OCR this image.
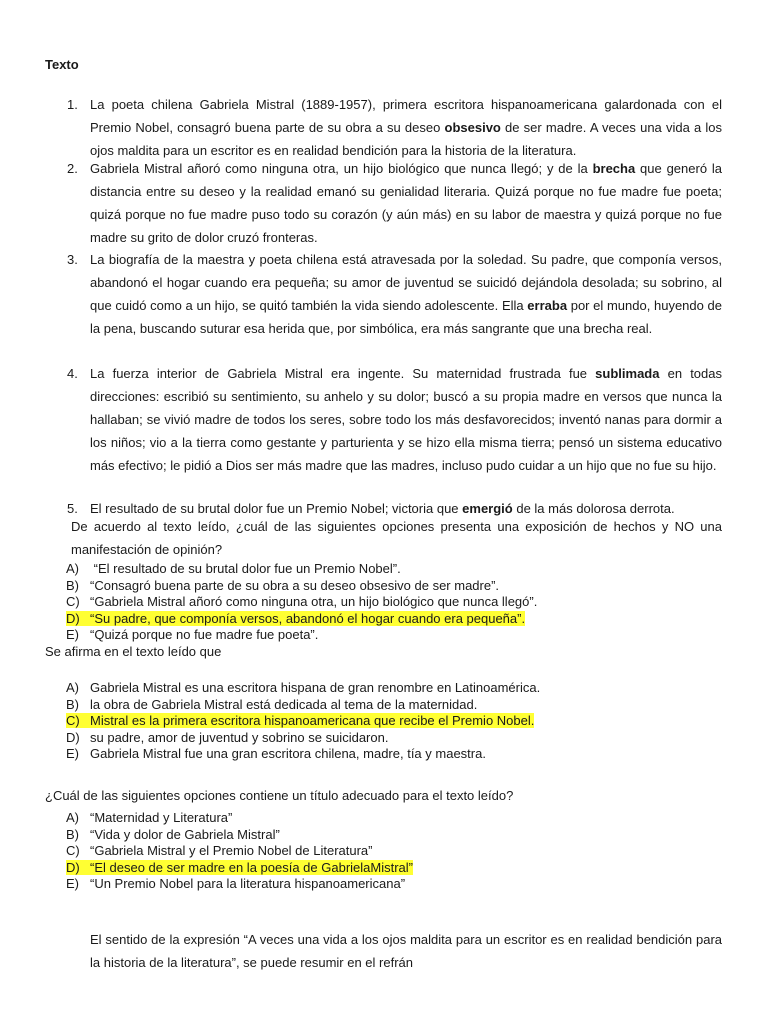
Texto
1. La poeta chilena Gabriela Mistral (1889-1957), primera escritora hispanoamericana galardonada con el Premio Nobel, consagró buena parte de su obra a su deseo obsesivo de ser madre. A veces una vida a los ojos maldita para un escritor es en realidad bendición para la historia de la literatura.
2. Gabriela Mistral añoró como ninguna otra, un hijo biológico que nunca llegó; y de la brecha que generó la distancia entre su deseo y la realidad emanó su genialidad literaria. Quizá porque no fue madre fue poeta; quizá porque no fue madre puso todo su corazón (y aún más) en su labor de maestra y quizá porque no fue madre su grito de dolor cruzó fronteras.
3. La biografía de la maestra y poeta chilena está atravesada por la soledad. Su padre, que componía versos, abandonó el hogar cuando era pequeña; su amor de juventud se suicidó dejándola desolada; su sobrino, al que cuidó como a un hijo, se quitó también la vida siendo adolescente. Ella erraba por el mundo, huyendo de la pena, buscando suturar esa herida que, por simbólica, era más sangrante que una brecha real.
4. La fuerza interior de Gabriela Mistral era ingente. Su maternidad frustrada fue sublimada en todas direcciones: escribió su sentimiento, su anhelo y su dolor; buscó a su propia madre en versos que nunca la hallaban; se vivió madre de todos los seres, sobre todo los más desfavorecidos; inventó nanas para dormir a los niños; vio a la tierra como gestante y parturienta y se hizo ella misma tierra; pensó un sistema educativo más efectivo; le pidió a Dios ser más madre que las madres, incluso pudo cuidar a un hijo que no fue su hijo.
5. El resultado de su brutal dolor fue un Premio Nobel; victoria que emergió de la más dolorosa derrota.
De acuerdo al texto leído, ¿cuál de las siguientes opciones presenta una exposición de hechos y NO una manifestación de opinión?
A) “El resultado de su brutal dolor fue un Premio Nobel”.
B) “Consagró buena parte de su obra a su deseo obsesivo de ser madre”.
C) “Gabriela Mistral añoró como ninguna otra, un hijo biológico que nunca llegó”.
D) “Su padre, que componía versos, abandonó el hogar cuando era pequeña”.
E) “Quizá porque no fue madre fue poeta”.
Se afirma en el texto leído que
A) Gabriela Mistral es una escritora hispana de gran renombre en Latinoamérica.
B) la obra de Gabriela Mistral está dedicada al tema de la maternidad.
C) Mistral es la primera escritora hispanoamericana que recibe el Premio Nobel.
D) su padre, amor de juventud y sobrino se suicidaron.
E) Gabriela Mistral fue una gran escritora chilena, madre, tía y maestra.
¿Cuál de las siguientes opciones contiene un título adecuado para el texto leído?
A) “Maternidad y Literatura”
B) “Vida y dolor de Gabriela Mistral”
C) “Gabriela Mistral y el Premio Nobel de Literatura”
D) “El deseo de ser madre en la poesía de GabrielaMistral”
E) “Un Premio Nobel para la literatura hispanoamericana”
El sentido de la expresión “A veces una vida a los ojos maldita para un escritor es en realidad bendición para la historia de la literatura”, se puede resumir en el refrán
